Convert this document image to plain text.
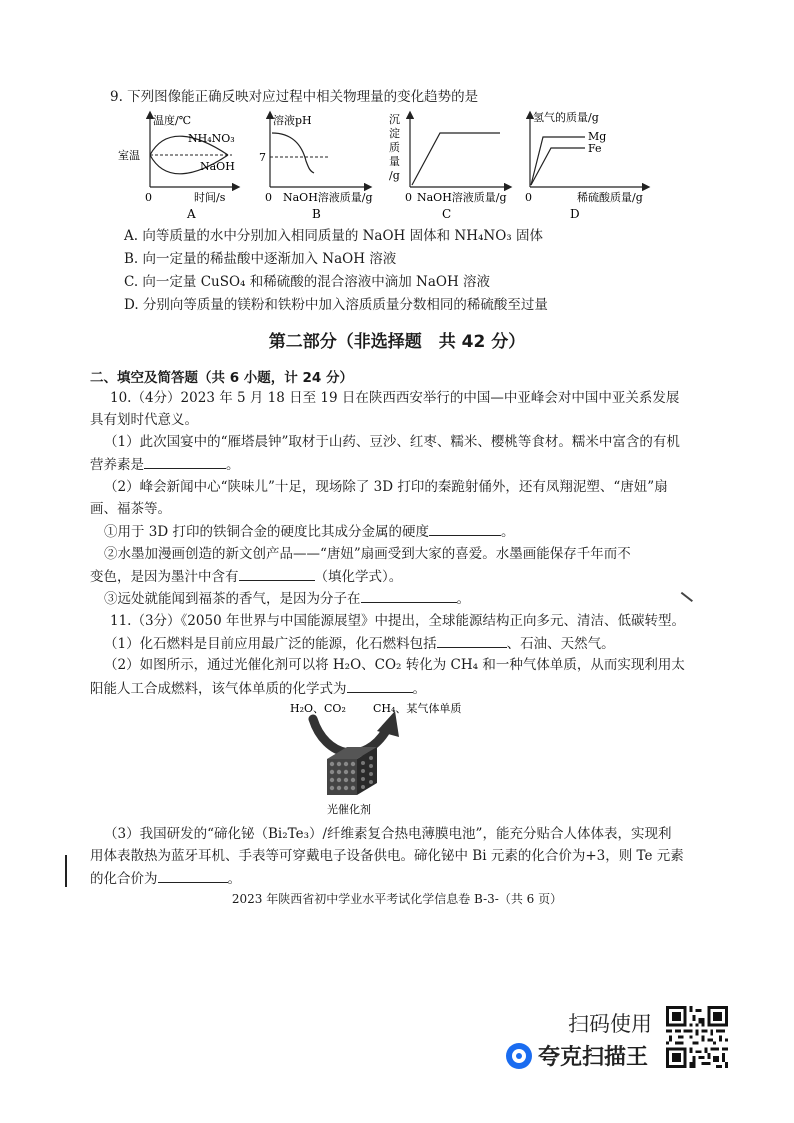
9. 下列图像能正确反映对应过程中相关物理量的变化趋势的是
温度/℃
室温
NH₄NO₃
NaOH
0	时间/s
A
溶液pH
7
0 NaOH溶液质量/g
B
沉 淀 质 量 /g
0 NaOH溶液质量/g
C
氢气的质量/g
Mg
Fe
0	稀硫酸质量/g
D
A. 向等质量的水中分别加入相同质量的 NaOH 固体和 NH₄NO₃ 固体
B. 向一定量的稀盐酸中逐渐加入 NaOH 溶液
C. 向一定量 CuSO₄ 和稀硫酸的混合溶液中滴加 NaOH 溶液
D. 分别向等质量的镁粉和铁粉中加入溶质质量分数相同的稀硫酸至过量
第二部分（非选择题　共 42 分）
二、填空及简答题（共 6 小题，计 24 分）
10.（4分）2023 年 5 月 18 日至 19 日在陕西西安举行的中国—中亚峰会对中国中亚关系发展
具有划时代意义。
（1）此次国宴中的“雁塔晨钟”取材于山药、豆沙、红枣、糯米、樱桃等食材。糯米中富含的有机
营养素是	。
（2）峰会新闻中心“陕味儿”十足，现场除了 3D 打印的秦跪射俑外，还有凤翔泥塑、“唐妞”扇
画、福茶等。
①用于 3D 打印的铁铜合金的硬度比其成分金属的硬度	。
②水墨加漫画创造的新文创产品——“唐妞”扇画受到大家的喜爱。水墨画能保存千年而不
变色，是因为墨汁中含有	（填化学式）。
③远处就能闻到福茶的香气，是因为分子在	。
11.（3分）《2050 年世界与中国能源展望》中提出，全球能源结构正向多元、清洁、低碳转型。
（1）化石燃料是目前应用最广泛的能源，化石燃料包括	、石油、天然气。
（2）如图所示，通过光催化剂可以将 H₂O、CO₂ 转化为 CH₄ 和一种气体单质，从而实现利用太
阳能人工合成燃料，该气体单质的化学式为	。
H₂O、CO₂ CH₄、某气体单质
光催化剂
（3）我国研发的“碲化铋（Bi₂Te₃）/纤维素复合热电薄膜电池”，能充分贴合人体体表，实现利
用体表散热为蓝牙耳机、手表等可穿戴电子设备供电。碲化铋中 Bi 元素的化合价为+3，则 Te 元素
的化合价为	。
2023 年陕西省初中学业水平考试化学信息卷 B-3-（共 6 页）
扫码使用
夸克扫描王
